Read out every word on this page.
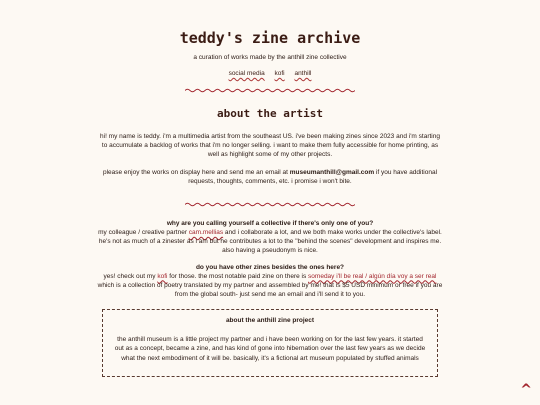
teddy's zine archive
a curation of works made by the anthill zine collective
social media kofi anthill
about the artist

hi! my name is teddy. i'm a multimedia artist from the southeast US. i've been making zines since 2023 and i'm starting to accumulate a backlog of works that i'm no longer selling. i want to make them fully accessible for home printing, as well as highlight some of my other projects.

please enjoy the works on display here and send me an email at museumanthill@gmail.com if you have additional requests, thoughts, comments, etc. i promise i won't bite.

why are you calling yourself a collective if there's only one of you?
my colleague / creative partner cam.mellias and i collaborate a lot, and we both make works under the collective's label. he's not as much of a zinester as i am but he contributes a lot to the "behind the scenes" development and inspires me. also having a pseudonym is nice.
do you have other zines besides the ones here?
yes! check out my kofi for those. the most notable paid zine on there is someday i'll be real / algún día voy a ser real which is a collection of poetry translated by my partner and assembled by me! that is $5 USD minimum or free if you are from the global south- just send me an email and i'll send it to you.
about the anthill zine project
the anthill museum is a little project my partner and i have been working on for the last few years. it started out as a concept, became a zine, and has kind of gone into hibernation over the last few years as we decide what the next embodiment of it will be. basically, it's a fictional art museum populated by stuffed animals
^
